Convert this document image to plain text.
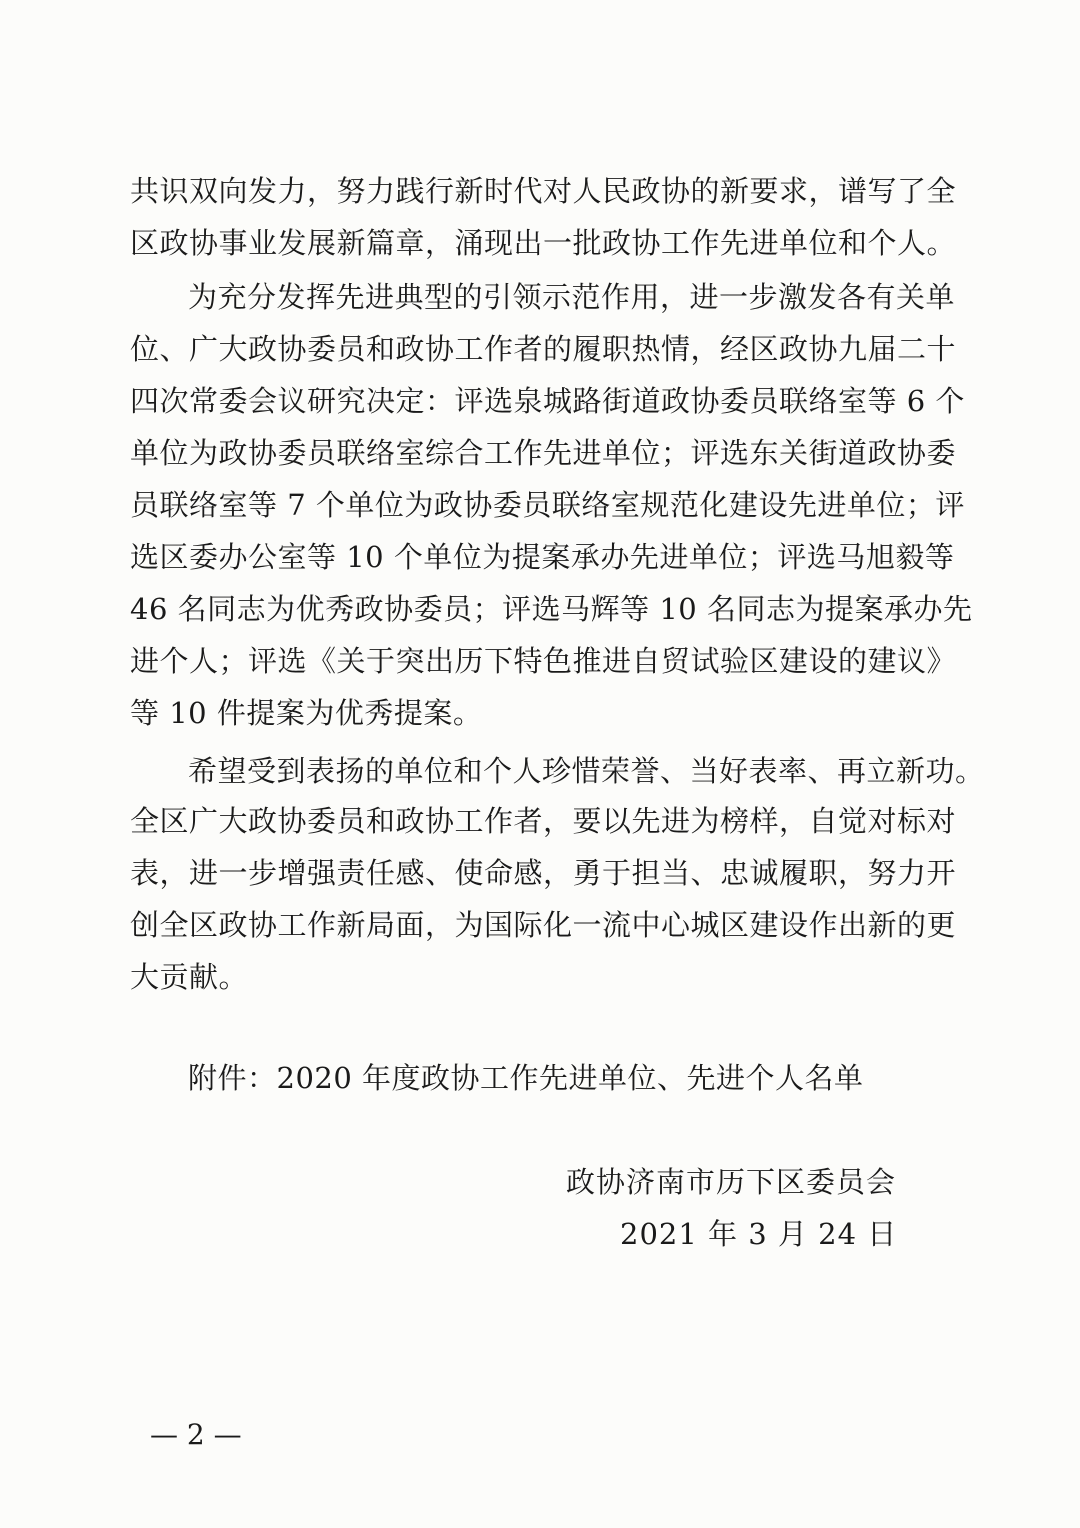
共识双向发力，努力践行新时代对人民政协的新要求，谱写了全
区政协事业发展新篇章，涌现出一批政协工作先进单位和个人。
为充分发挥先进典型的引领示范作用，进一步激发各有关单
位、广大政协委员和政协工作者的履职热情，经区政协九届二十
四次常委会议研究决定：评选泉城路街道政协委员联络室等 6 个
单位为政协委员联络室综合工作先进单位；评选东关街道政协委
员联络室等 7 个单位为政协委员联络室规范化建设先进单位；评
选区委办公室等 10 个单位为提案承办先进单位；评选马旭毅等
46 名同志为优秀政协委员；评选马辉等 10 名同志为提案承办先
进个人；评选《关于突出历下特色推进自贸试验区建设的建议》
等 10 件提案为优秀提案。
希望受到表扬的单位和个人珍惜荣誉、当好表率、再立新功。
全区广大政协委员和政协工作者，要以先进为榜样，自觉对标对
表，进一步增强责任感、使命感，勇于担当、忠诚履职，努力开
创全区政协工作新局面，为国际化一流中心城区建设作出新的更
大贡献。
附件：2020 年度政协工作先进单位、先进个人名单
政协济南市历下区委员会
2021 年 3 月 24 日
— 2 —
